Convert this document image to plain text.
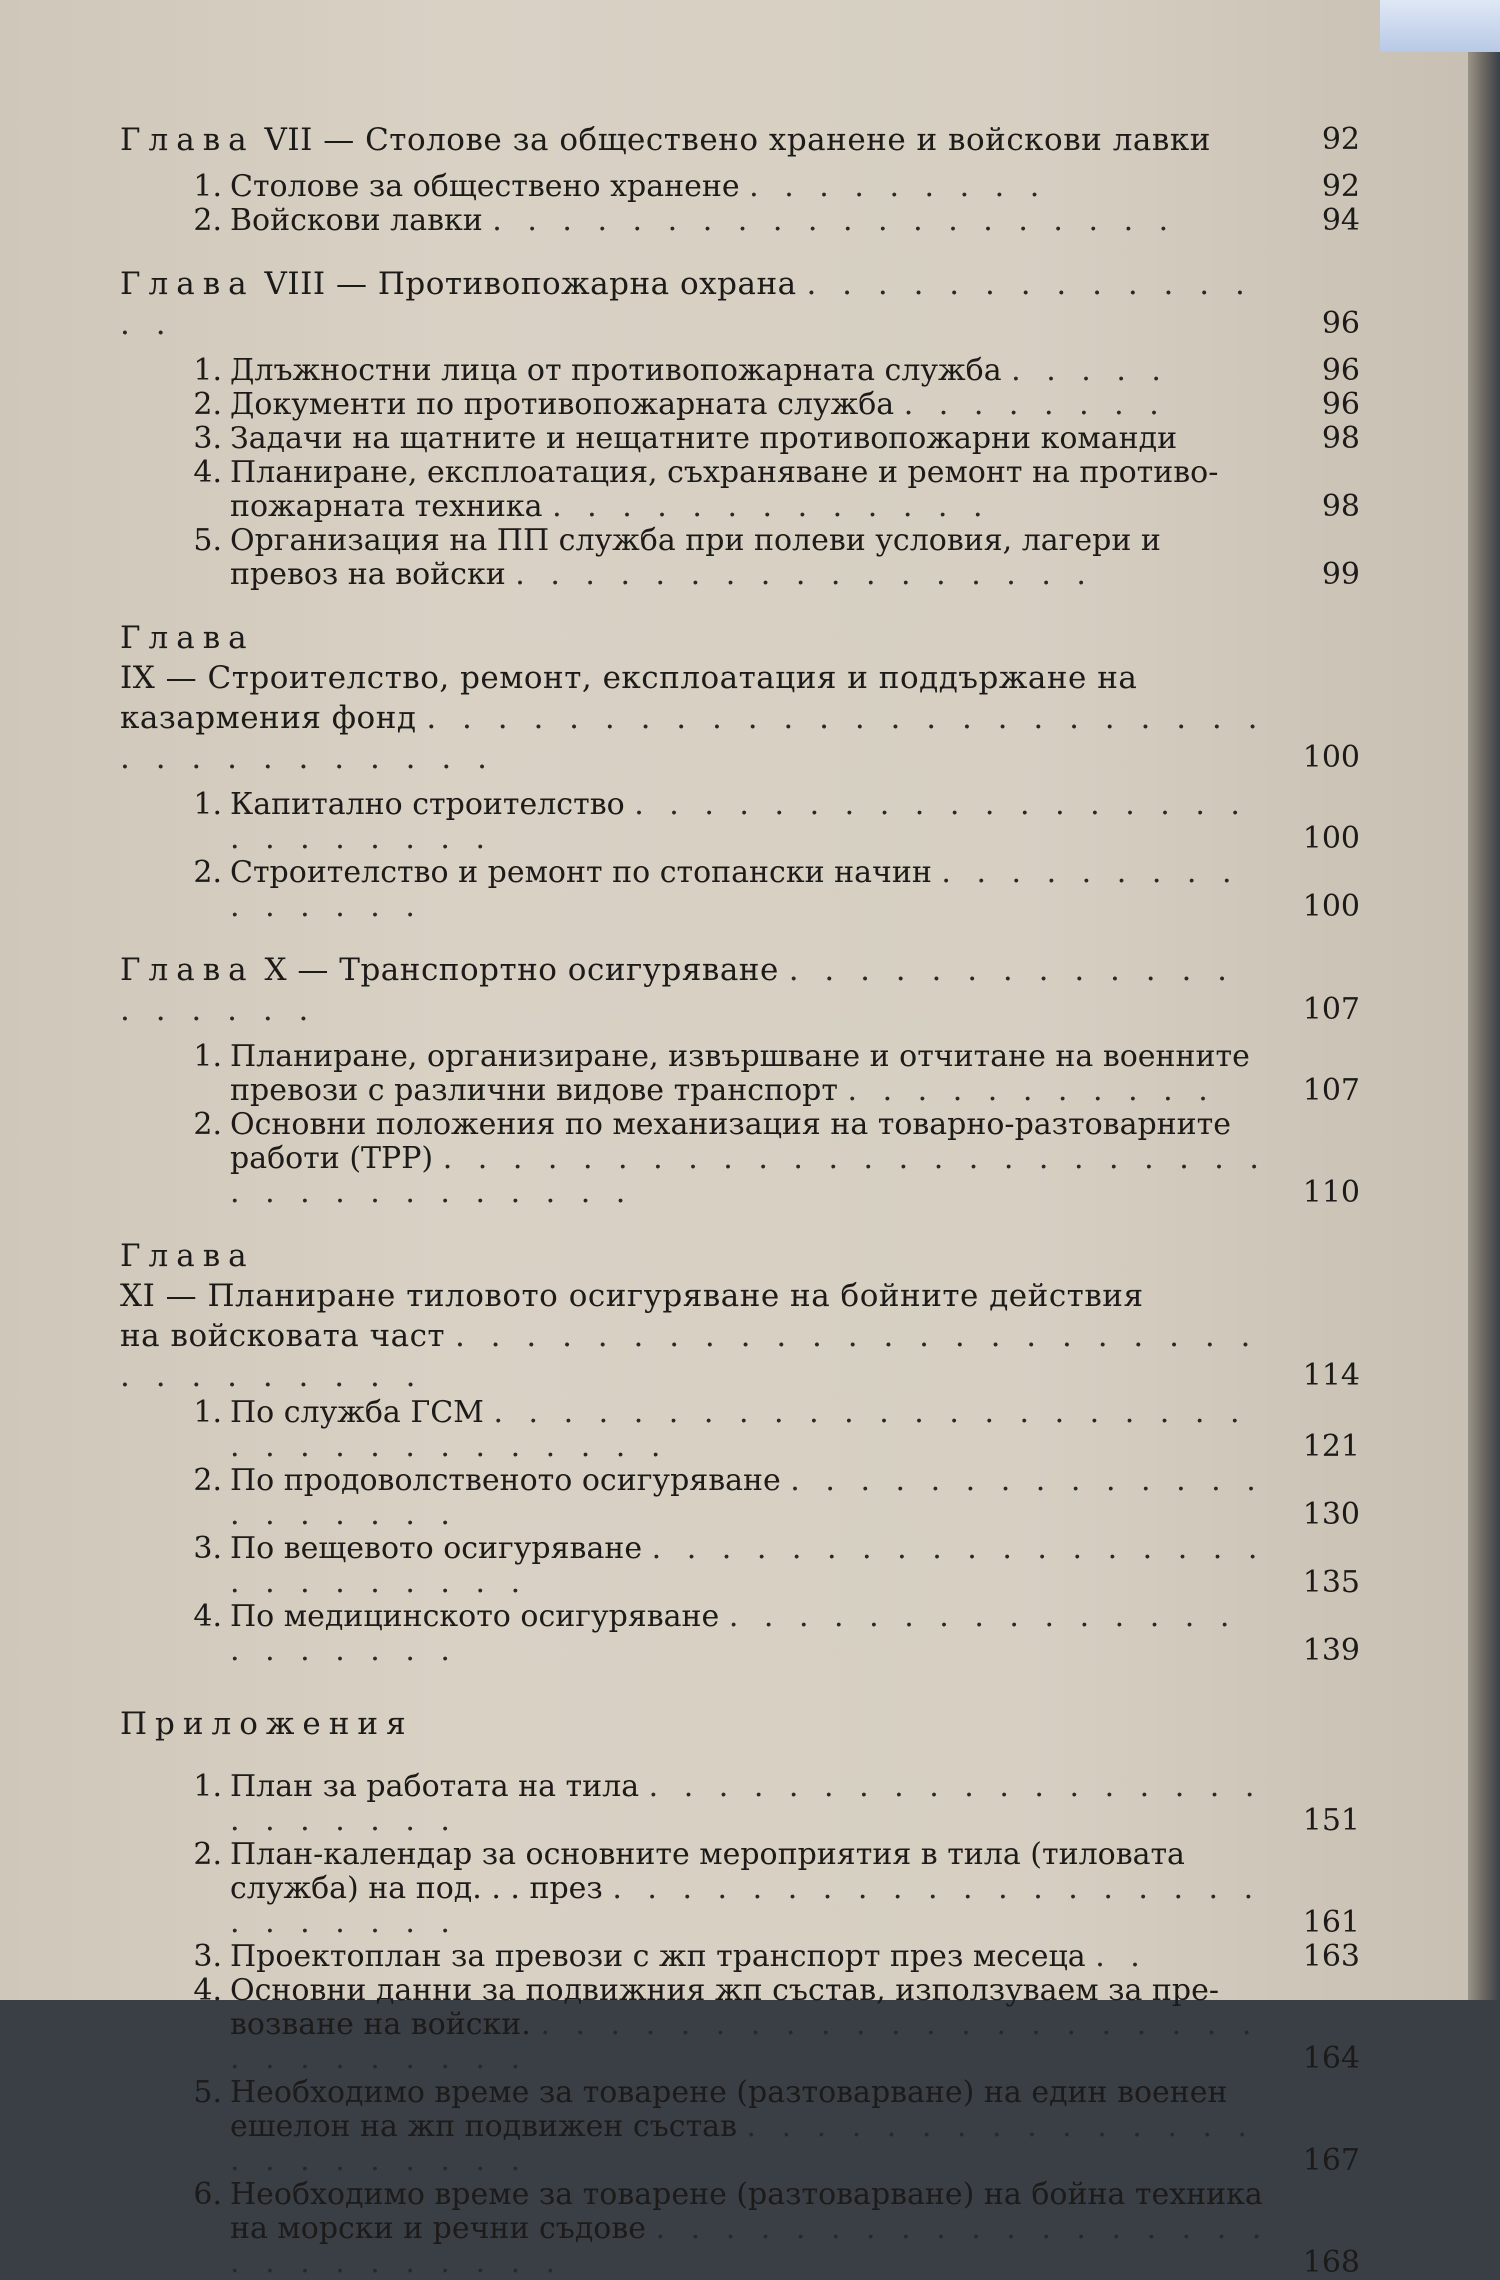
Глава VII — Столове за обществено хранене и войскови лавки	92
1. Столове за обществено хранене . . . . . . . . .	92
2. Войскови лавки . . . . . . . . . . . . . . . . . . . .	94
Глава VIII — Противопожарна охрана . . . . . . . . . . . . . . .	96
1. Длъжностни лица от противопожарната служба . . . . .	96
2. Документи по противопожарната служба . . . . . . . .	96
3. Задачи на щатните и нещатните противопожарни команди	98
4. Планиране, експлоатация, съхраняване и ремонт на противо-
пожарната техника . . . . . . . . . . . . .	98
5. Организация на ПП служба при полеви условия, лагери и
превоз на войски . . . . . . . . . . . . . . . . .	99
Глава
IX — Строителство, ремонт, експлоатация и поддържане на
казармения фонд . . . . . . . . . . . . . . . . . . . . . . . . . . . . . . . . . . .	100
1. Капитално строителство . . . . . . . . . . . . . . . . . . . . . . . . . .	100
2. Строителство и ремонт по стопански начин . . . . . . . . . . . . . . .	100
Глава X — Транспортно осигуряване . . . . . . . . . . . . . . . . . . .	107
1. Планиране, организиране, извършване и отчитане на военните
превози с различни видове транспорт . . . . . . . . . . .	107
2. Основни положения по механизация на товарно-разтоварните
работи (ТРР) . . . . . . . . . . . . . . . . . . . . . . . . . . . . . . . . . . . .	110
Глава
XI — Планиране тиловото осигуряване на бойните действия
на войсковата част . . . . . . . . . . . . . . . . . . . . . . . . . . . . . . . .	114
1. По служба ГСМ . . . . . . . . . . . . . . . . . . . . . . . . . . . . . . . . . . .	121
2. По продоволственото осигуряване . . . . . . . . . . . . . . . . . . . . .	130
3. По вещевото осигуряване . . . . . . . . . . . . . . . . . . . . . . . . . . .	135
4. По медицинското осигуряване . . . . . . . . . . . . . . . . . . . . . .	139
Приложения
1. План за работата на тила . . . . . . . . . . . . . . . . . . . . . . . . .	151
2. План-календар за основните мероприятия в тила (тиловата
служба) на под. . . през . . . . . . . . . . . . . . . . . . . . . . . . . .	161
3. Проектоплан за превози с жп транспорт през месеца . .	163
4. Основни данни за подвижния жп състав, използуваем за пре-
возване на войски. . . . . . . . . . . . . . . . . . . . . . . . . . . . . . .	164
5. Необходимо време за товарене (разтоварване) на един военен
ешелон на жп подвижен състав . . . . . . . . . . . . . . . . . . . . . . . .	167
6. Необходимо време за товарене (разтоварване) на бойна техника
на морски и речни съдове . . . . . . . . . . . . . . . . . . . . . . . . . . . .	168
